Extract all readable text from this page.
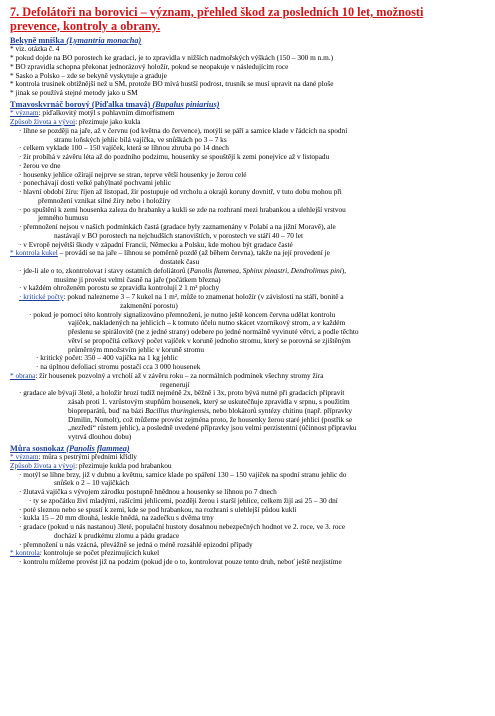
7. Defolátoři na borovici – význam, přehled škod za posledních 10 let, možnosti
prevence, kontroly a obrany.
Bekyně mniška (Lymantria monacha)
* viz. otázka č. 4
* pokud dojde na BO porostech ke gradaci, je to zpravidla v nižších nadmořských výškách (150 – 300 m n.m.)
* BO zpravidla schopna překonat jednorázový holožír, pokud se neopakuje v následujícím roce
* Sasko a Polsko – zde se bekyně vyskytuje a graduje
* kontrola trusinek obtížnější než u SM, protože BO mívá hustší podrost, trusník se musí upravit na dané ploše
* jinak se používá stejné metody jako u SM
Tmavoskvrnáč borový (Píďalka tmavá) (Bupalus piniarius)
* význam: píďalkovitý motýl s pohlavním dimorfismem
Způsob života a vývoj: přezimuje jako kukla
· líhne se později na jaře, až v červnu (od května do července), motýli se páří a samice klade v řádcích na spodní
stranu loňských jehlic bílá vajíčka, ve snůškách po 3 – 7 ks
· celkem vyklade 100 – 150 vajíček, která se líhnou zhruba po 14 dnech
· žír probíhá v závěru léta až do pozdního podzimu, housenky se spouštějí k zemi ponejvíce až v listopadu
· žerou ve dne
· housenky jehlice ožírají nejprve se stran, teprve větší housenky je žerou celé
· ponechávají dosti velké pahýlnaté pochvami jehlic
· hlavní období žíru: říjen až listopad, žír postupuje od vrcholu a okrajů koruny dovnitř, v tuto dobu mohou při
přemnožení vznikat silné žíry nebo i holožíry
· po spuštění k zemi housenka zaleza do hrabanky a kukli se zde na rozhraní mezi hrabankou a ulehlejší vrstvou
jemného humusu
· přemnožení nejsou v našich podmínkách častá (gradace byly zaznamenány v Polabí a na jižní Moravě), ale
nastávají v BO porostech na nejchudších stanovištích, v porostech ve stáří 40 – 70 let
· v Evropě největší škody v západní Francii, Německu a Polsku, kde mohou být gradace časté
* kontrola kukel – provádí se na jaře – líhnou se poměrně pozdě (až během června), takže na její provedení je
dostatek času
· jde-li ale o to, zkontrolovat i stavy ostatních defoliátorů (Panolis flammea, Sphinx pinastri, Dendrolimus pini),
musíme ji provést velmi časně na jaře (počátkem března)
· v každém ohroženém porostu se zpravidla kontrolují 2 1 m² plochy
· kritické počty: pokud nalezneme 3 – 7 kukel na 1 m², může to znamenat holožír (v závislosti na stáří, bonitě a
zakmenění porostu)
· pokud je pomocí této kontroly signalizováno přemnožení, je nutno ještě koncem června udělat kontrolu
vajíček, nakladených na jehlicích – k tomuto účelu nutno skácet vzorníkový strom, a v každém
přeslenu se spirálovitě (ne z jedné strany) odebere po jedné normálně vyvinuté větvi, a podle těchto
větví se propočítá celkový počet vajíček v koruně jednoho stromu, který se porovná se zjištěným
průměrným množstvím jehlic v koruně stromu
· kritický počet: 350 – 400 vajíčka na 1 kg jehlic
· na úplnou defoliaci stromu postačí cca 3 000 housenek
* obrana: žír housenek pozvolný a vrcholí až v závěru roku – za normálních podmínek všechny stromy žíra
regenerují
· gradace ale bývají 3leté, a holožír hrozí tudíž nejméně 2x, běžně i 3x, proto bývá nutné při gradacích připravit
zásah proti 1. vzrůstovým stupňům housenek, který se uskutečňuje zpravidla v srpnu, s použitím
biopreparátů, buď na bázi Bacillus thuringiensis, nebo blokátorů syntézy chitinu (např. přípravky
Dimilin, Nomolt), což můžeme provést zejména proto, že housenky žerou staré jehlici (postřik se
„nezředí“ růstem jehlic), a posledně uvedené přípravky jsou velmi perzistentní (účinnost přípravku
vytrvá dlouhou dobu)
Můra sosnokaz (Panolis flammea)
* význam: můra s pestrými předními křídly
Způsob života a vývoj: přezimuje kukla pod hrabankou
· motýl se líhne brzy, již v dubnu a květnu, samice klade po spáření 130 – 150 vajíček na spodní stranu jehlic do
snůšek o 2 – 10 vajíčkách
· žlutavá vajíčka s vývojem zárodku postupně hnědnou a housenky se líhnou po 7 dnech
· ty se zpočátku živí mladými, rašícími jehlicemi, později žerou i starší jehlice, celkem žijí asi 25 – 30 dní
· poté sleznou nebo se spustí k zemi, kde se pod hrabankou, na rozhraní s ulehlejší půdou kuklí
· kukla 15 – 20 mm dlouhá, leskle hnědá, na zadečku s dvěma trny
· gradace (pokud u nás nastanou) 3leté, populační hustoty dosahnou nebezpečných hodnot ve 2. roce, ve 3. roce
dochází k prudkému zlomu a pádu gradace
· přemnožení u nás vzácná, převážně se jedná o méně rozsáhlé epizodní případy
* kontrola: kontroluje se počet přezimujících kukel
· kontrolu můžeme provést již na podzim (pokud jde o to, kontrolovat pouze tento druh, neboť ještě nezjistíme
